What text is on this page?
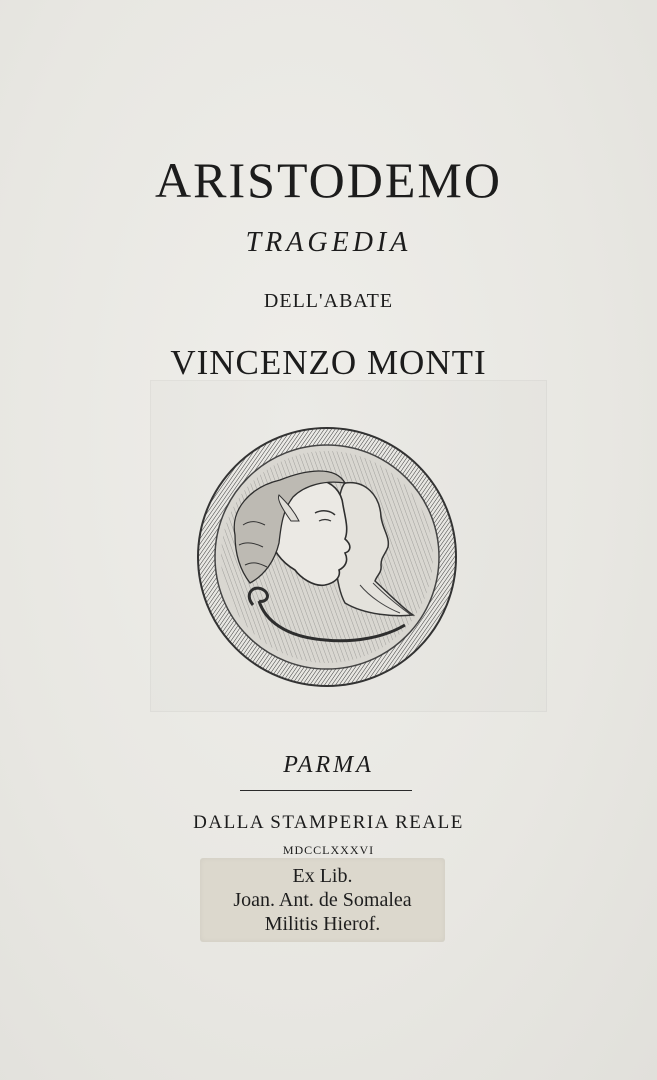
ARISTODEMO
TRAGEDIA
DELL'ABATE
VINCENZO MONTI
PARMA
DALLA STAMPERIA REALE
MDCCLXXXVI
Ex Lib.
Joan. Ant. de Somalea
Militis Hierof.
